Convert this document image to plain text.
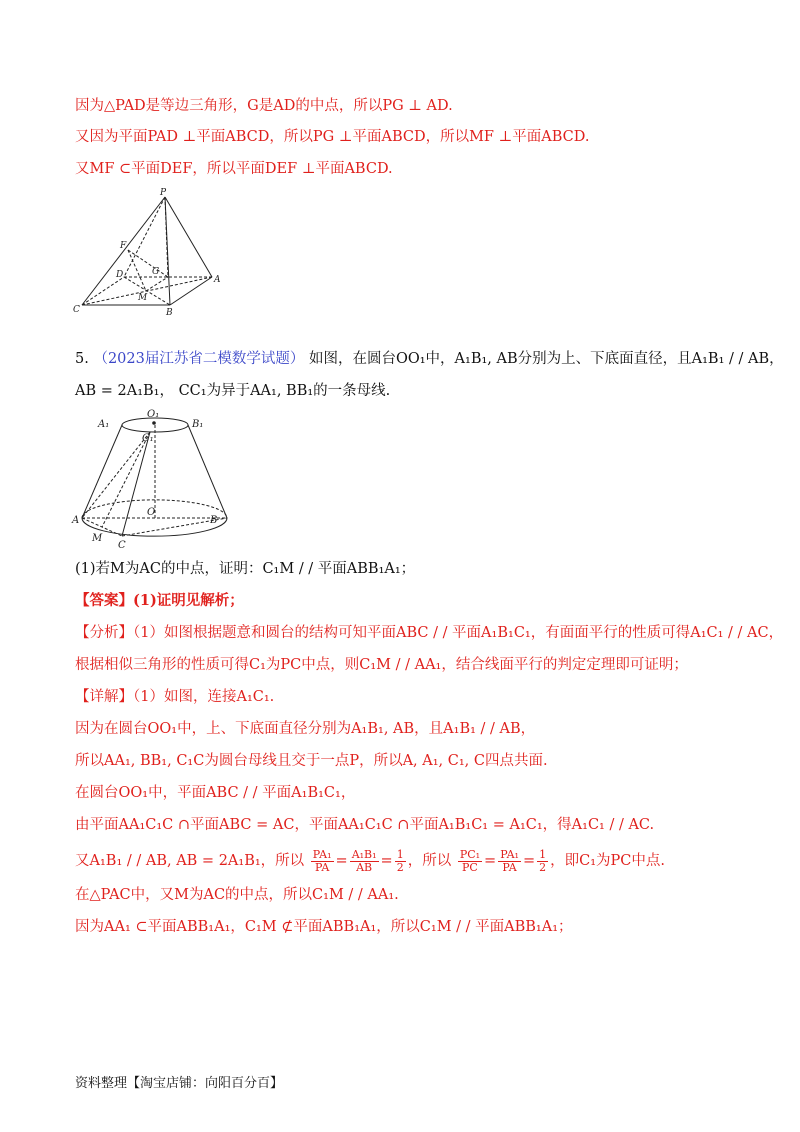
因为△PAD是等边三角形，G是AD的中点，所以PG ⊥ AD.
又因为平面PAD ⊥平面ABCD，所以PG ⊥平面ABCD，所以MF ⊥平面ABCD.
又MF ⊂平面DEF，所以平面DEF ⊥平面ABCD.
P
F
D	G
A
M
C	B
5. （2023届江苏省二模数学试题） 如图，在圆台OO₁中，A₁B₁, AB分别为上、下底面直径，且A₁B₁ / / AB，
AB = 2A₁B₁， CC₁为异于AA₁, BB₁的一条母线.
O₁
A₁	B₁
C₁
A
O
B
M
C
(1)若M为AC的中点，证明：C₁M / / 平面ABB₁A₁；
【答案】(1)证明见解析；
【分析】（1）如图根据题意和圆台的结构可知平面ABC / / 平面A₁B₁C₁，有面面平行的性质可得A₁C₁ / / AC，
根据相似三角形的性质可得C₁为PC中点，则C₁M / / AA₁，结合线面平行的判定定理即可证明；
【详解】（1）如图，连接A₁C₁.
因为在圆台OO₁中，上、下底面直径分别为A₁B₁, AB，且A₁B₁ / / AB，
所以AA₁, BB₁, C₁C为圆台母线且交于一点P，所以A, A₁, C₁, C四点共面.
在圆台OO₁中，平面ABC / / 平面A₁B₁C₁，
由平面AA₁C₁C ∩平面ABC = AC，平面AA₁C₁C ∩平面A₁B₁C₁ = A₁C₁，得A₁C₁ / / AC.
又A₁B₁ / / AB, AB = 2A₁B₁，所以 $\frac{\text{PA₁}}{PA} = \frac{\text{A₁B₁}}{AB} = \frac{1}{2}$ ，所以 $\frac{\text{PC₁}}{PC} = \frac{\text{PA₁}}{PA} = \frac{1}{2}$ ，即C₁为PC中点.
在△PAC中，又M为AC的中点，所以C₁M / / AA₁.
因为AA₁ ⊂平面ABB₁A₁，C₁M ⊄平面ABB₁A₁，所以C₁M / / 平面ABB₁A₁；
资料整理【淘宝店铺：向阳百分百】
